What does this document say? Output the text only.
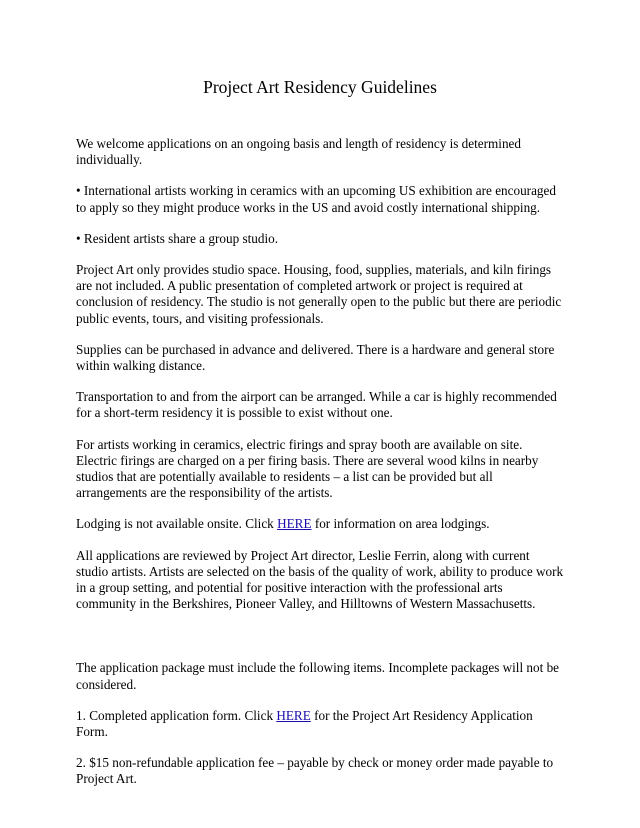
Project Art Residency Guidelines

We welcome applications on an ongoing basis and length of residency is determined individually.

• International artists working in ceramics with an upcoming US exhibition are encouraged to apply so they might produce works in the US and avoid costly international shipping.

• Resident artists share a group studio.

Project Art only provides studio space. Housing, food, supplies, materials, and kiln firings are not included. A public presentation of completed artwork or project is required at conclusion of residency. The studio is not generally open to the public but there are periodic public events, tours, and visiting professionals.

Supplies can be purchased in advance and delivered. There is a hardware and general store within walking distance.

Transportation to and from the airport can be arranged. While a car is highly recommended for a short-term residency it is possible to exist without one.

For artists working in ceramics, electric firings and spray booth are available on site. Electric firings are charged on a per firing basis. There are several wood kilns in nearby studios that are potentially available to residents – a list can be provided but all arrangements are the responsibility of the artists.

Lodging is not available onsite. Click HERE for information on area lodgings.

All applications are reviewed by Project Art director, Leslie Ferrin, along with current studio artists. Artists are selected on the basis of the quality of work, ability to produce work in a group setting, and potential for positive interaction with the professional arts community in the Berkshires, Pioneer Valley, and Hilltowns of Western Massachusetts.

The application package must include the following items. Incomplete packages will not be considered.

1. Completed application form. Click HERE for the Project Art Residency Application Form.

2. $15 non-refundable application fee – payable by check or money order made payable to Project Art.
